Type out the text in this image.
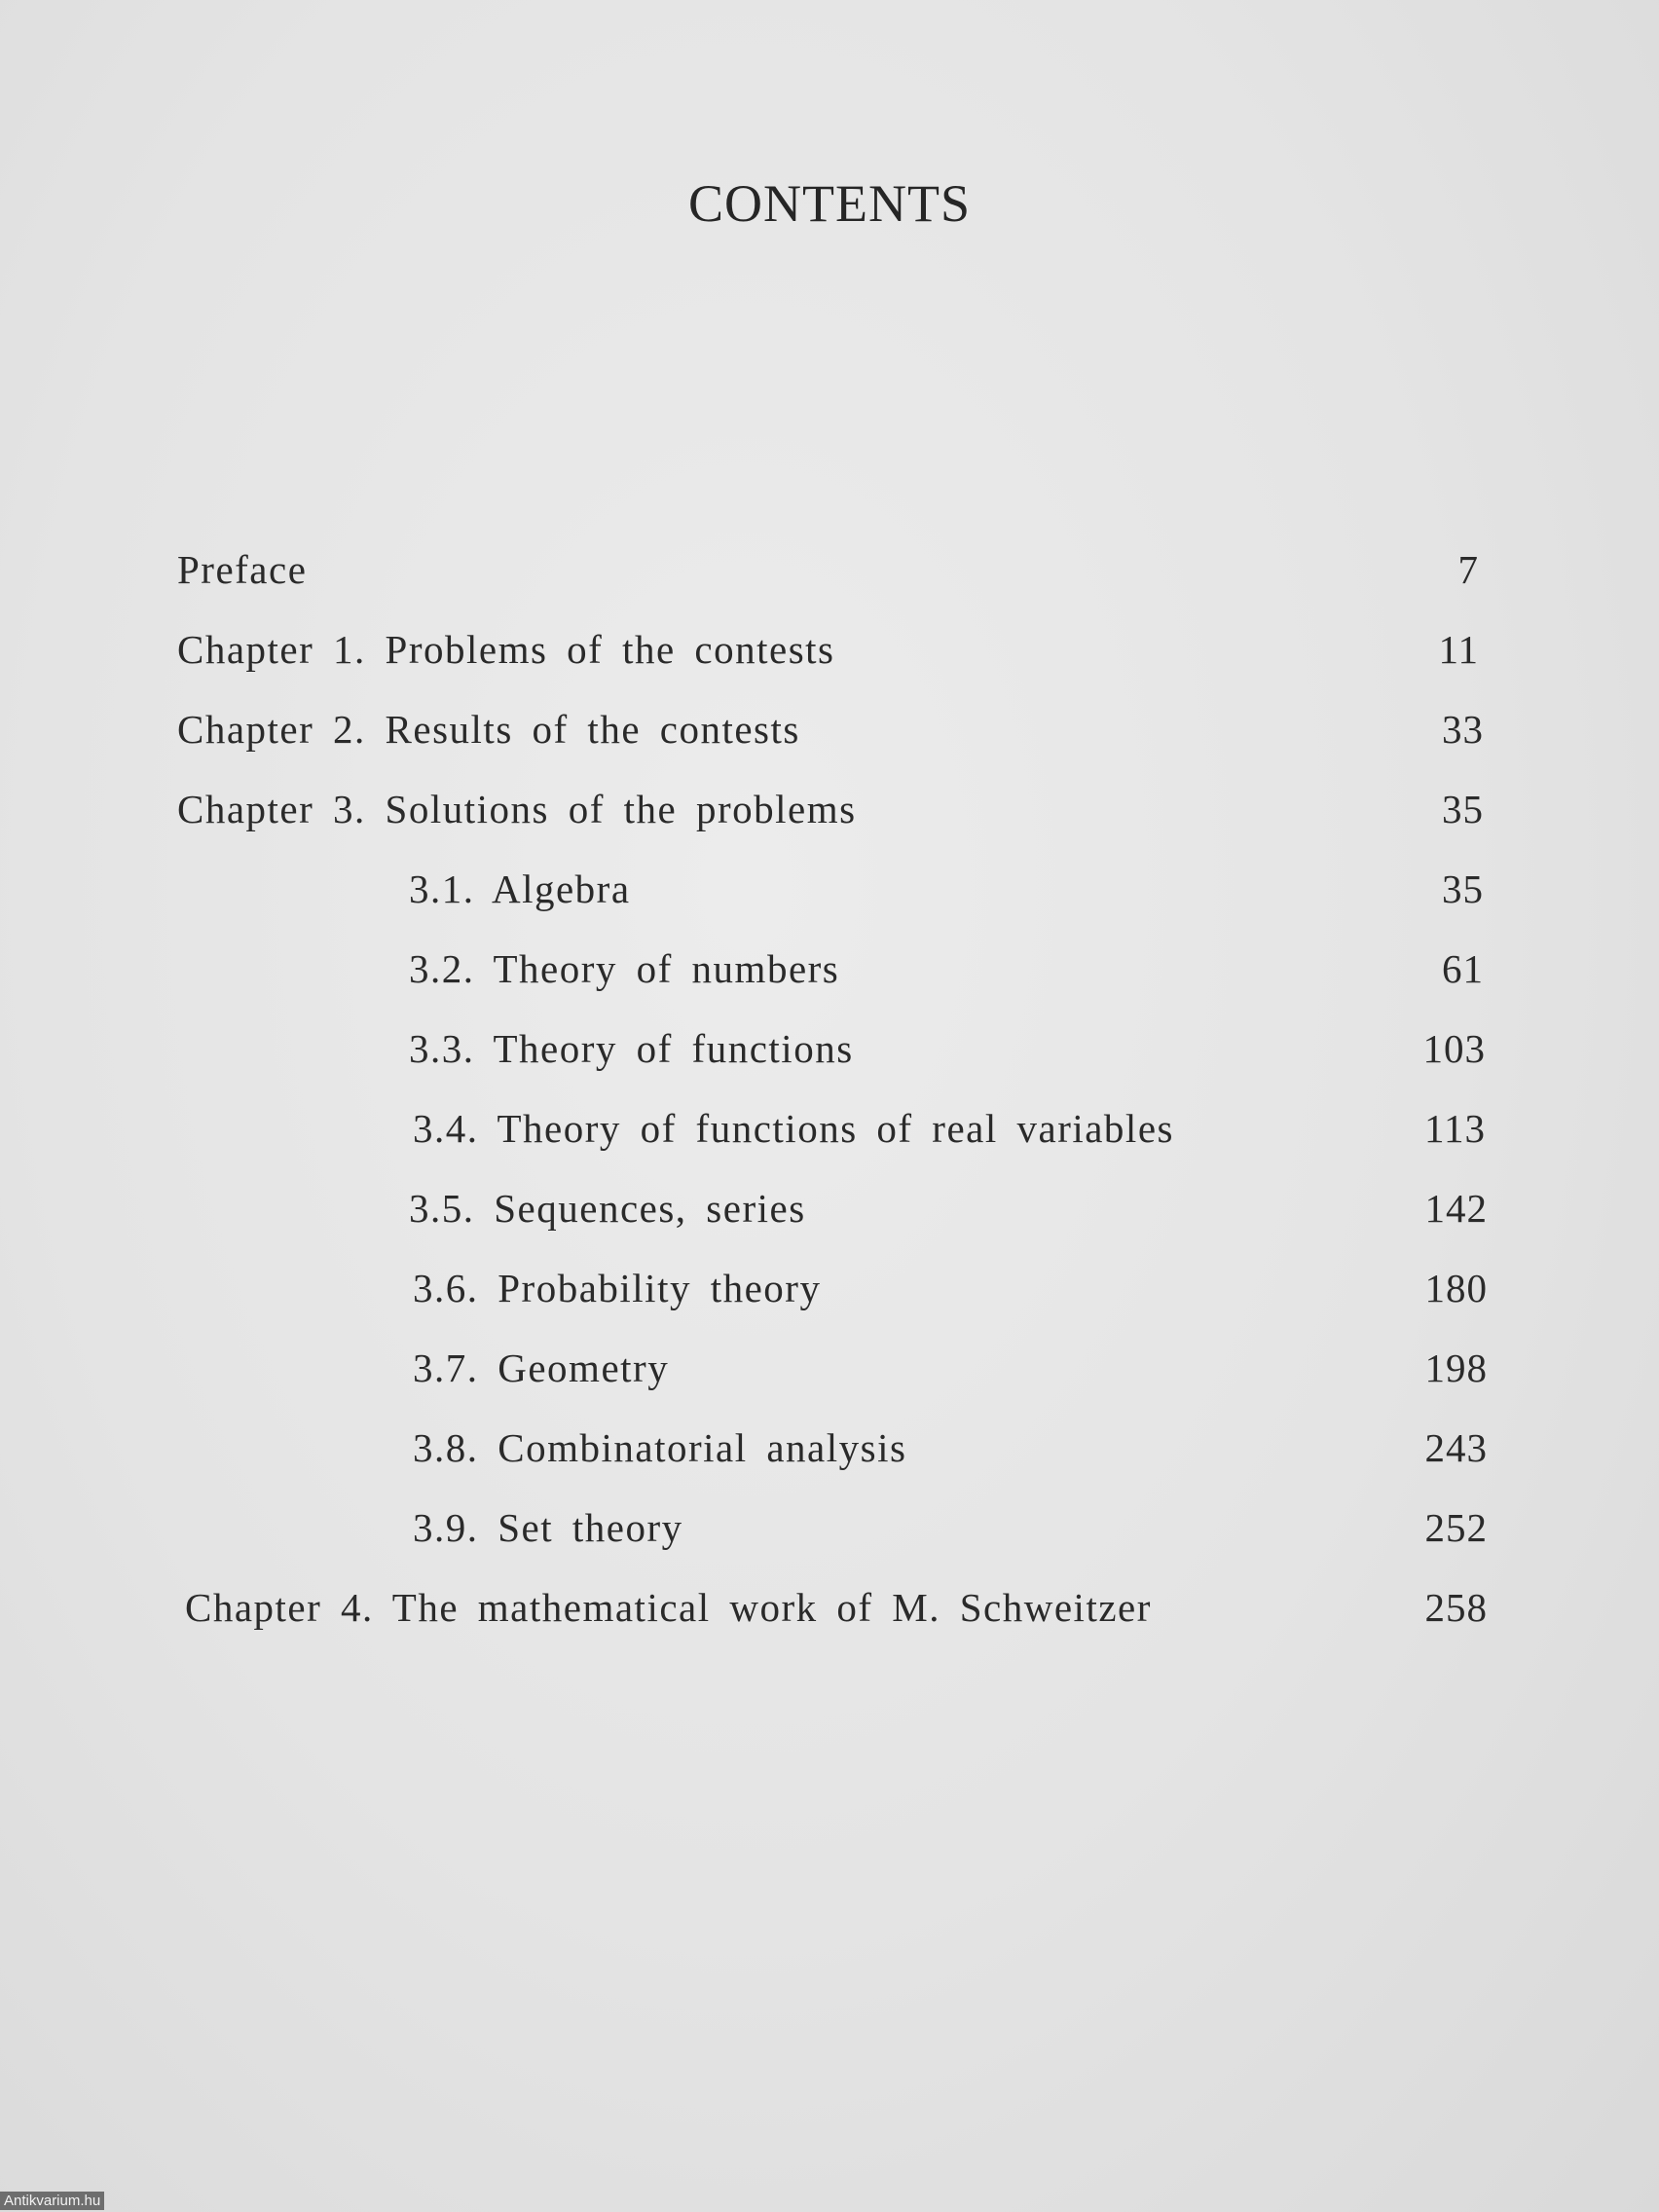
CONTENTS
Preface	7
Chapter 1. Problems of the contests	11
Chapter 2. Results of the contests	33
Chapter 3. Solutions of the problems	35
3.1. Algebra	35
3.2. Theory of numbers	61
3.3. Theory of functions	103
3.4. Theory of functions of real variables	113
3.5. Sequences, series	142
3.6. Probability theory	180
3.7. Geometry	198
3.8. Combinatorial analysis	243
3.9. Set theory	252
Chapter 4. The mathematical work of M. Schweitzer	258
Antikvarium.hu
